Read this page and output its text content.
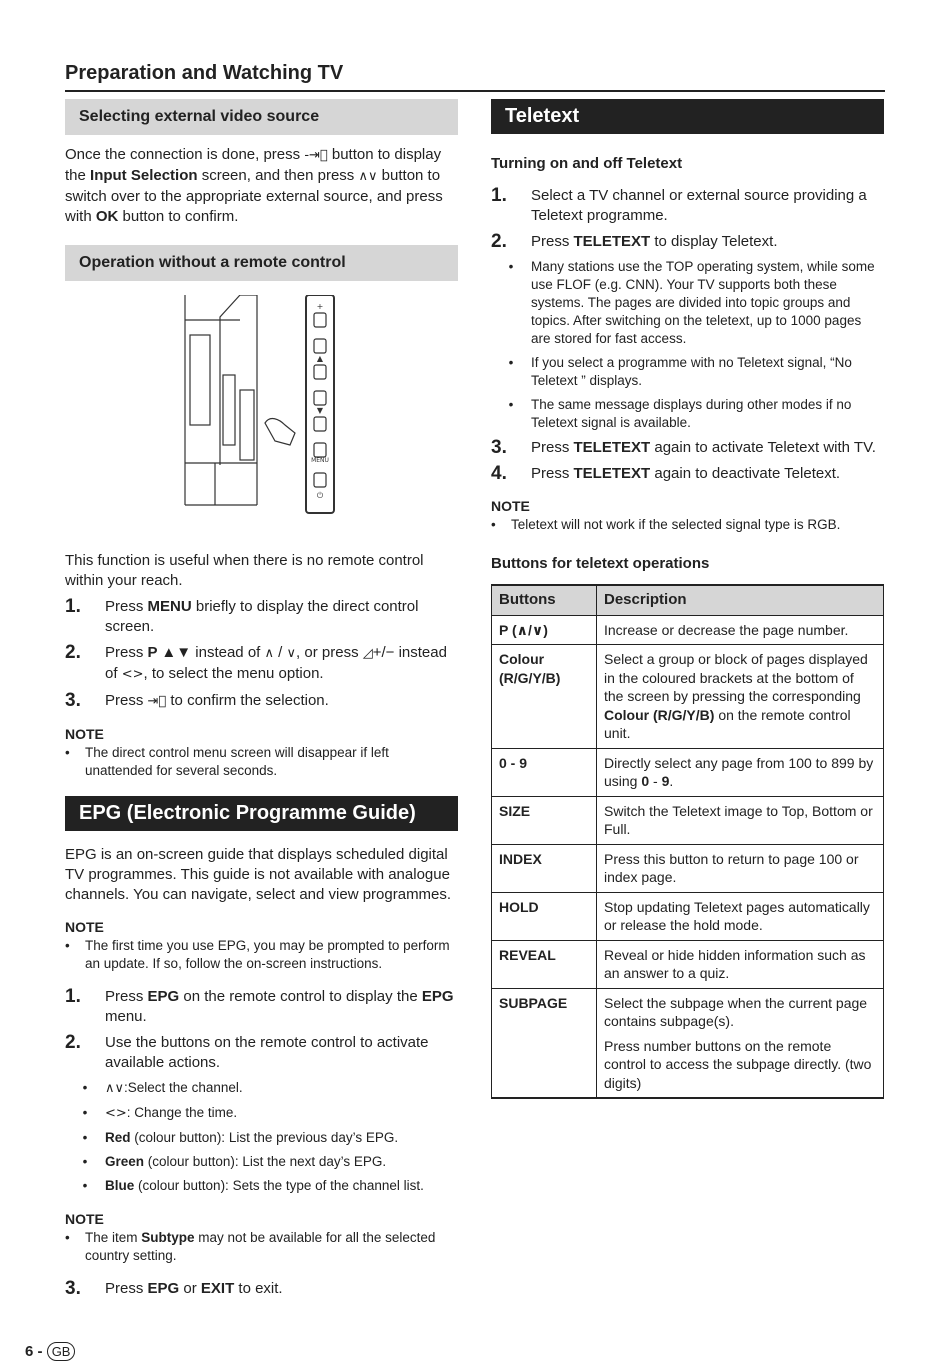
Preparation and Watching TV
Selecting external video source

Once the connection is done, press -⇥⃞ button to display the Input Selection screen, and then press ∧∨ button to switch over to the appropriate external source, and press with OK button to confirm.

Operation without a remote control
+
▲
▼
⏻
MENU

This function is useful when there is no remote control within your reach.

1.	Press MENU briefly to display the direct control screen.
2.	Press P ▲▼ instead of ∧ / ∨, or press ◿+/− instead of <>, to select the menu option.
3.	Press ⇥⃞ to confirm the selection.

NOTE

•	The direct control menu screen will disappear if left unattended for several seconds.
EPG (Electronic Programme Guide)

EPG is an on-screen guide that displays scheduled digital TV programmes. This guide is not available with analogue channels. You can navigate, select and view programmes.

NOTE

•	The first time you use EPG, you may be prompted to perform an update. If so, follow the on-screen instructions.
1.	Press EPG on the remote control to display the EPG menu.
2.	Use the buttons on the remote control to activate available actions.
•	∧∨:Select the channel.
•	<>: Change the time.
•	Red (colour button): List the previous day’s EPG.
•	Green (colour button): List the next day’s EPG.
•	Blue (colour button): Sets the type of the channel list.

NOTE

•	The item Subtype may not be available for all the selected country setting.
3.	Press EPG or EXIT to exit.
Teletext

Turning on and off Teletext

1.	Select a TV channel or external source providing a Teletext programme.
2.	Press TELETEXT to display Teletext.
•	Many stations use the TOP operating system, while some use FLOF (e.g. CNN). Your TV supports both these systems. The pages are divided into topic groups and topics. After switching on the teletext, up to 1000 pages are stored for fast access.
•	If you select a programme with no Teletext signal, “No Teletext ” displays.
•	The same message displays during other modes if no Teletext signal is available.
3.	Press TELETEXT again to activate Teletext with TV.
4.	Press TELETEXT again to deactivate Teletext.

NOTE

•	Teletext will not work if the selected signal type is RGB.

Buttons for teletext operations

Buttons	Description
P (∧/∨)	Increase or decrease the page number.
Colour (R/G/Y/B)	Select a group or block of pages displayed in the coloured brackets at the bottom of the screen by pressing the corresponding Colour (R/G/Y/B) on the remote control unit.
0 - 9	Directly select any page from 100 to 899 by using 0 - 9.
SIZE	Switch the Teletext image to Top, Bottom or Full.
INDEX	Press this button to return to page 100 or index page.
HOLD	Stop updating Teletext pages automatically or release the hold mode.
REVEAL	Reveal or hide hidden information such as an answer to a quiz.
SUBPAGE	Select the subpage when the current page contains subpage(s).
Press number buttons on the remote control to access the subpage directly. (two digits)
6 - GB
